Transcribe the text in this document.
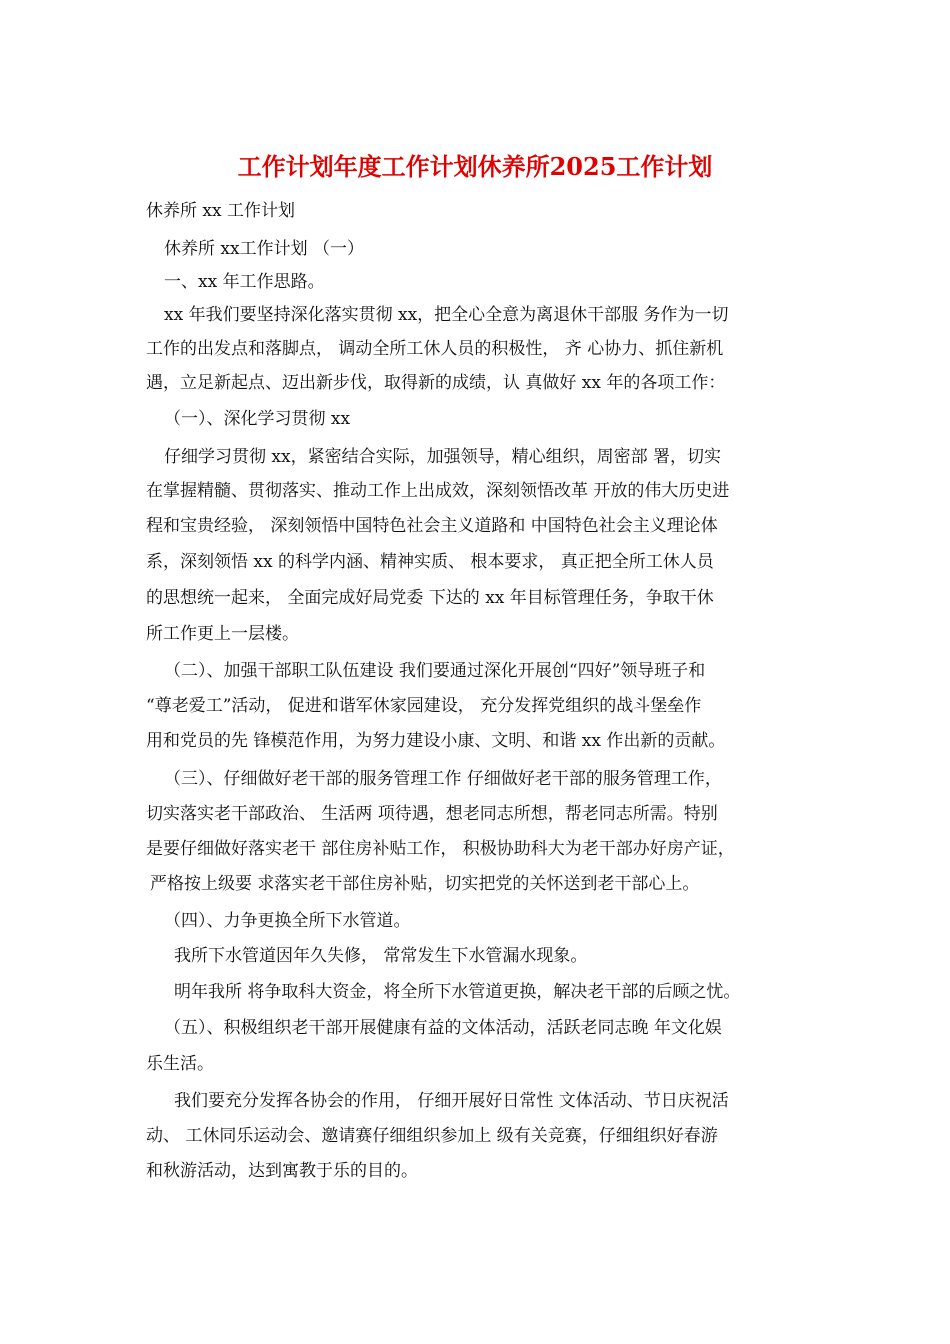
工作计划年度工作计划休养所2025工作计划
休养所 xx 工作计划
休养所 xx工作计划 （一）
一、xx 年工作思路。
xx 年我们要坚持深化落实贯彻 xx，把全心全意为离退休干部服 务作为一切
工作的出发点和落脚点， 调动全所工休人员的积极性， 齐 心协力、抓住新机
遇，立足新起点、迈出新步伐，取得新的成绩，认 真做好 xx 年的各项工作：
（一）、深化学习贯彻 xx
仔细学习贯彻 xx，紧密结合实际，加强领导，精心组织，周密部 署，切实
在掌握精髓、贯彻落实、推动工作上出成效，深刻领悟改革 开放的伟大历史进
程和宝贵经验， 深刻领悟中国特色社会主义道路和 中国特色社会主义理论体
系，深刻领悟 xx 的科学内涵、精神实质、 根本要求， 真正把全所工休人员
的思想统一起来， 全面完成好局党委 下达的 xx 年目标管理任务，争取干休
所工作更上一层楼。
（二）、加强干部职工队伍建设 我们要通过深化开展创“四好”领导班子和
“尊老爱工”活动， 促进和谐军休家园建设， 充分发挥党组织的战斗堡垒作
用和党员的先 锋模范作用，为努力建设小康、文明、和谐 xx 作出新的贡献。
（三）、仔细做好老干部的服务管理工作 仔细做好老干部的服务管理工作，
切实落实老干部政治、 生活两 项待遇，想老同志所想，帮老同志所需。特别
是要仔细做好落实老干 部住房补贴工作， 积极协助科大为老干部办好房产证，
严格按上级要 求落实老干部住房补贴，切实把党的关怀送到老干部心上。
（四）、力争更换全所下水管道。
我所下水管道因年久失修， 常常发生下水管漏水现象。
明年我所 将争取科大资金，将全所下水管道更换，解决老干部的后顾之忧。
（五）、积极组织老干部开展健康有益的文体活动，活跃老同志晚 年文化娱
乐生活。
我们要充分发挥各协会的作用， 仔细开展好日常性 文体活动、节日庆祝活
动、 工休同乐运动会、邀请赛仔细组织参加上 级有关竞赛，仔细组织好春游
和秋游活动，达到寓教于乐的目的。
